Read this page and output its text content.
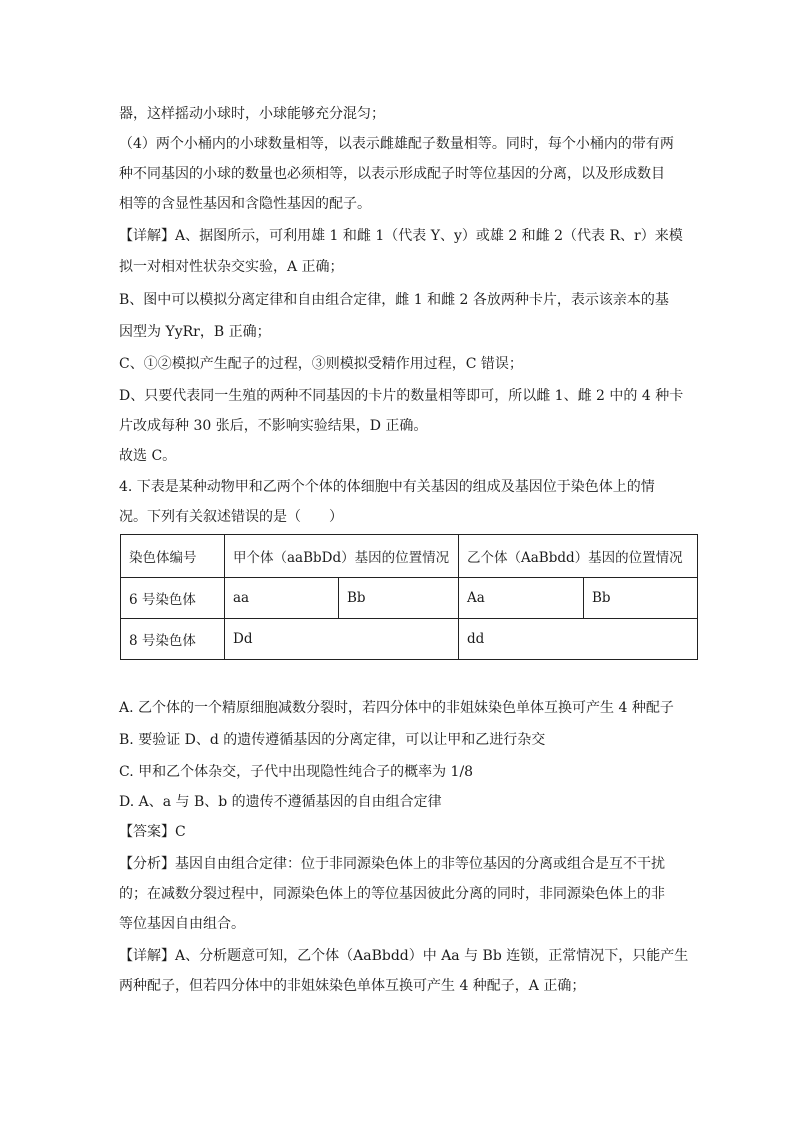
器，这样摇动小球时，小球能够充分混匀；
（4）两个小桶内的小球数量相等，以表示雌雄配子数量相等。同时，每个小桶内的带有两
种不同基因的小球的数量也必须相等，以表示形成配子时等位基因的分离，以及形成数目
相等的含显性基因和含隐性基因的配子。
【详解】A、据图所示，可利用雄 1 和雌 1（代表 Y、y）或雄 2 和雌 2（代表 R、r）来模
拟一对相对性状杂交实验，A 正确；
B、图中可以模拟分离定律和自由组合定律，雌 1 和雌 2 各放两种卡片，表示该亲本的基
因型为 YyRr，B 正确；
C、①②模拟产生配子的过程，③则模拟受精作用过程，C 错误；
D、只要代表同一生殖的两种不同基因的卡片的数量相等即可，所以雌 1、雌 2 中的 4 种卡
片改成每种 30 张后，不影响实验结果，D 正确。
故选 C。
4. 下表是某种动物甲和乙两个个体的体细胞中有关基因的组成及基因位于染色体上的情
况。下列有关叙述错误的是（　　）
染色体编号	甲个体（aaBbDd）基因的位置情况		乙个体（AaBbdd）基因的位置情况	
6 号染色体	aa	Bb	Aa	Bb
8 号染色体	Dd		dd	
A. 乙个体的一个精原细胞减数分裂时，若四分体中的非姐妹染色单体互换可产生 4 种配子
B. 要验证 D、d 的遗传遵循基因的分离定律，可以让甲和乙进行杂交
C. 甲和乙个体杂交，子代中出现隐性纯合子的概率为 1/8
D. A、a 与 B、b 的遗传不遵循基因的自由组合定律
【答案】C
【分析】基因自由组合定律：位于非同源染色体上的非等位基因的分离或组合是互不干扰
的；在减数分裂过程中，同源染色体上的等位基因彼此分离的同时，非同源染色体上的非
等位基因自由组合。
【详解】A、分析题意可知，乙个体（AaBbdd）中 Aa 与 Bb 连锁，正常情况下，只能产生
两种配子，但若四分体中的非姐妹染色单体互换可产生 4 种配子，A 正确；
